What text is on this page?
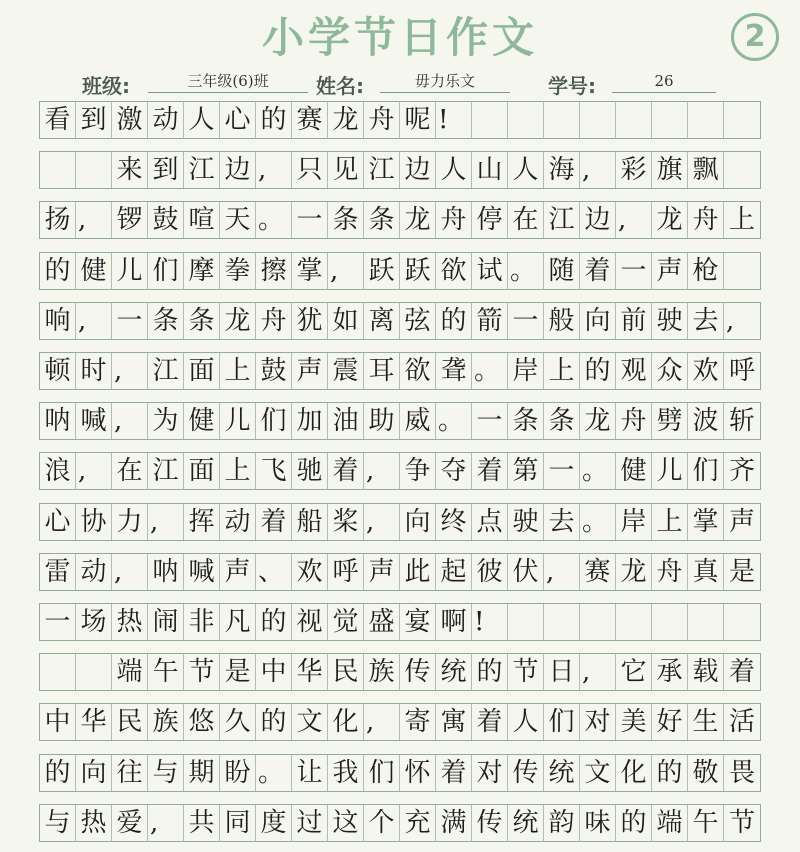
小学节日作文	2
班级:	三年级(6)班	姓名:	毋力乐文	学号:	26
看 到 激 动 人 心 的 赛 龙 舟 呢 !
来 到 江 边 ,	只 见 江 边 人 山 人 海 ,	彩 旗 飘
扬 ,	锣 鼓 喧 天 。 一 条 条 龙 舟 停 在 江 边 ,	龙 舟 上
的 健 儿 们 摩 拳 擦 掌 ,	跃 跃 欲 试 。 随 着 一 声 枪
响 ,	一 条 条 龙 舟 犹 如 离 弦 的 箭 一 般 向 前 驶 去 ,
顿 时 ,	江 面 上 鼓 声 震 耳 欲 聋 。 岸 上 的 观 众 欢 呼
呐 喊 ,	为 健 儿 们 加 油 助 威 。 一 条 条 龙 舟 劈 波 斩
浪 ,	在 江 面 上 飞 驰 着 ,	争 夺 着 第 一 。 健 儿 们 齐
心 协 力 ,	挥 动 着 船 桨 ,	向 终 点 驶 去 。 岸 上 掌 声
雷 动 ,	呐 喊 声 、 欢 呼 声 此 起 彼 伏 ,	赛 龙 舟 真 是
一 场 热 闹 非 凡 的 视 觉 盛 宴 啊 !
端 午 节 是 中 华 民 族 传 统 的 节 日 ,	它 承 载 着
中 华 民 族 悠 久 的 文 化 ,	寄 寓 着 人 们 对 美 好 生 活
的 向 往 与 期 盼 。 让 我 们 怀 着 对 传 统 文 化 的 敬 畏
与 热 爱 ,	共 同 度 过 这 个 充 满 传 统 韵 味 的 端 午 节
